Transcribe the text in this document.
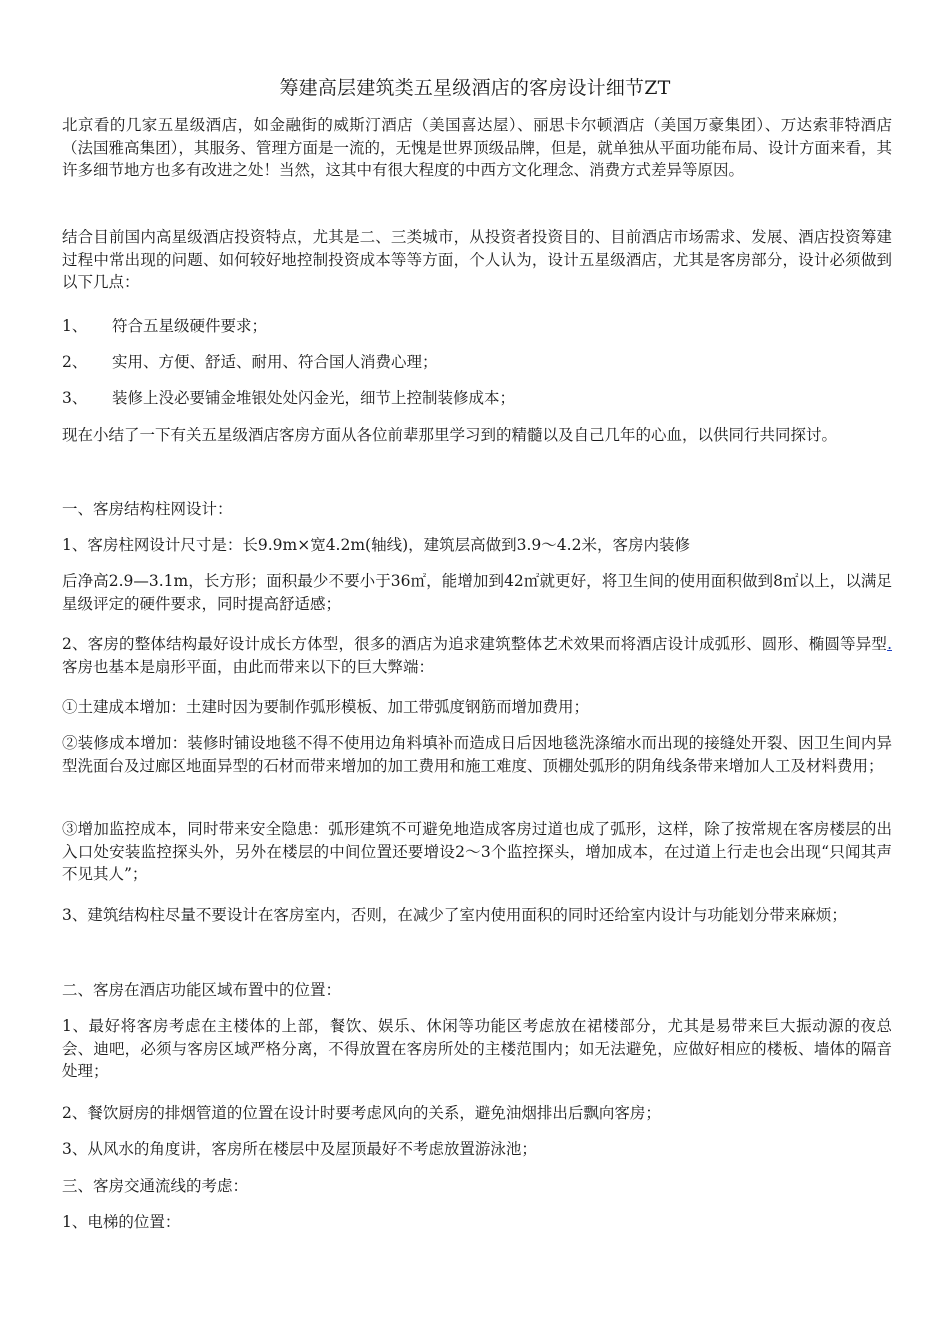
筹建高层建筑类五星级酒店的客房设计细节ZT

北京看的几家五星级酒店，如金融街的威斯汀酒店（美国喜达屋）、丽思卡尔顿酒店（美国万豪集团）、万达索菲特酒店（法国雅高集团），其服务、管理方面是一流的，无愧是世界顶级品牌，但是，就单独从平面功能布局、设计方面来看，其许多细节地方也多有改进之处！当然，这其中有很大程度的中西方文化理念、消费方式差异等原因。

结合目前国内高星级酒店投资特点，尤其是二、三类城市，从投资者投资目的、目前酒店市场需求、发展、酒店投资筹建过程中常出现的问题、如何较好地控制投资成本等等方面，个人认为，设计五星级酒店，尤其是客房部分，设计必须做到以下几点：

1、 符合五星级硬件要求；

2、 实用、方便、舒适、耐用、符合国人消费心理；

3、 装修上没必要铺金堆银处处闪金光，细节上控制装修成本；

现在小结了一下有关五星级酒店客房方面从各位前辈那里学习到的精髓以及自己几年的心血，以供同行共同探讨。

一、客房结构柱网设计：

1、客房柱网设计尺寸是：长9.9m×宽4.2m(轴线)，建筑层高做到3.9～4.2米，客房内装修

后净高2.9—3.1m，长方形；面积最少不要小于36㎡，能增加到42㎡就更好，将卫生间的使用面积做到8㎡以上，以满足星级评定的硬件要求，同时提高舒适感；

2、客房的整体结构最好设计成长方体型，很多的酒店为追求建筑整体艺术效果而将酒店设计成弧形、圆形、椭圆等异型.客房也基本是扇形平面，由此而带来以下的巨大弊端：

①土建成本增加：土建时因为要制作弧形模板、加工带弧度钢筋而增加费用；

②装修成本增加：装修时铺设地毯不得不使用边角料填补而造成日后因地毯洗涤缩水而出现的接缝处开裂、因卫生间内异型洗面台及过廊区地面异型的石材而带来增加的加工费用和施工难度、顶棚处弧形的阴角线条带来增加人工及材料费用；

③增加监控成本，同时带来安全隐患：弧形建筑不可避免地造成客房过道也成了弧形，这样，除了按常规在客房楼层的出入口处安装监控探头外，另外在楼层的中间位置还要增设2～3个监控探头，增加成本，在过道上行走也会出现“只闻其声不见其人”；

3、建筑结构柱尽量不要设计在客房室内，否则，在减少了室内使用面积的同时还给室内设计与功能划分带来麻烦；

二、客房在酒店功能区域布置中的位置：

1、最好将客房考虑在主楼体的上部，餐饮、娱乐、休闲等功能区考虑放在裙楼部分，尤其是易带来巨大振动源的夜总会、迪吧，必须与客房区域严格分离，不得放置在客房所处的主楼范围内；如无法避免，应做好相应的楼板、墙体的隔音处理；

2、餐饮厨房的排烟管道的位置在设计时要考虑风向的关系，避免油烟排出后飘向客房；

3、从风水的角度讲，客房所在楼层中及屋顶最好不考虑放置游泳池；

三、客房交通流线的考虑：

1、电梯的位置：
